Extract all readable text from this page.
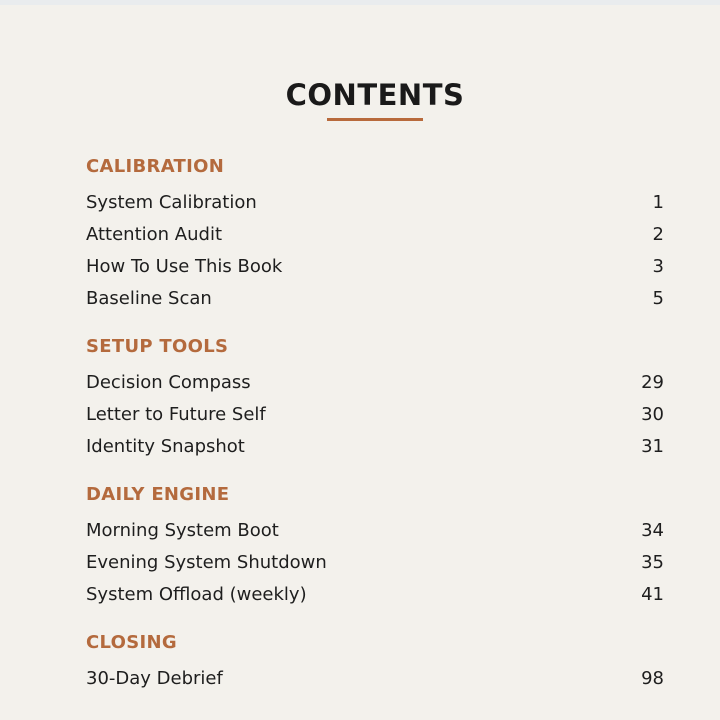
CONTENTS
CALIBRATION
System Calibration	1
Attention Audit	2
How To Use This Book	3
Baseline Scan	5
SETUP TOOLS
Decision Compass	29
Letter to Future Self	30
Identity Snapshot	31
DAILY ENGINE
Morning System Boot	34
Evening System Shutdown	35
System Offload (weekly)	41
CLOSING
30-Day Debrief	98
